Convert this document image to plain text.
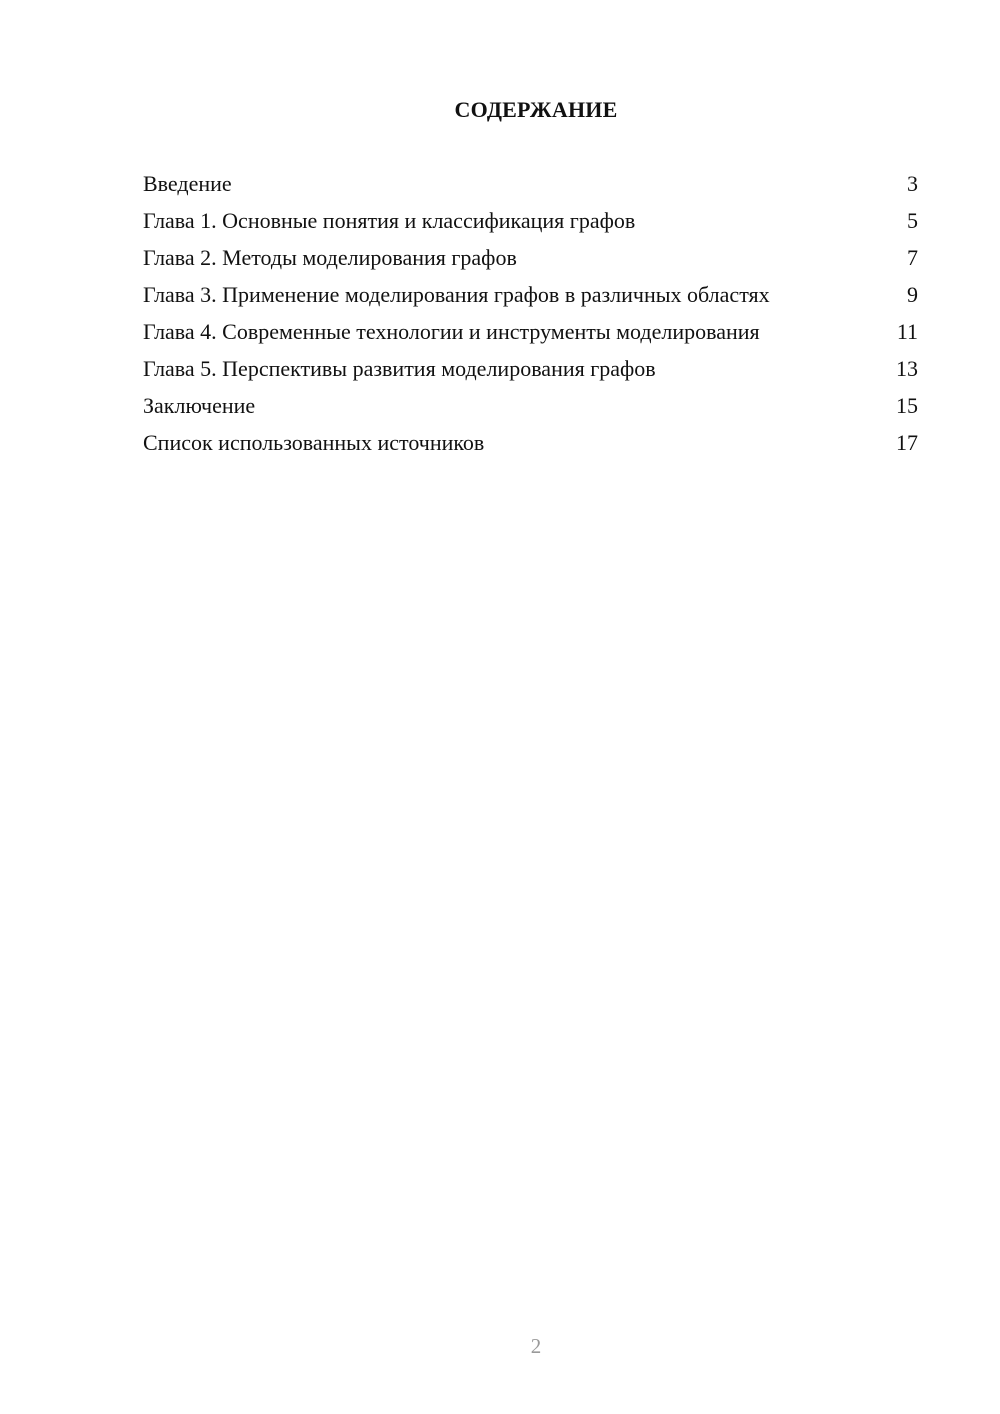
СОДЕРЖАНИЕ
Введение	3
Глава 1. Основные понятия и классификация графов	5
Глава 2. Методы моделирования графов	7
Глава 3. Применение моделирования графов в различных областях	9
Глава 4. Современные технологии и инструменты моделирования	11
Глава 5. Перспективы развития моделирования графов	13
Заключение	15
Список использованных источников	17
2
